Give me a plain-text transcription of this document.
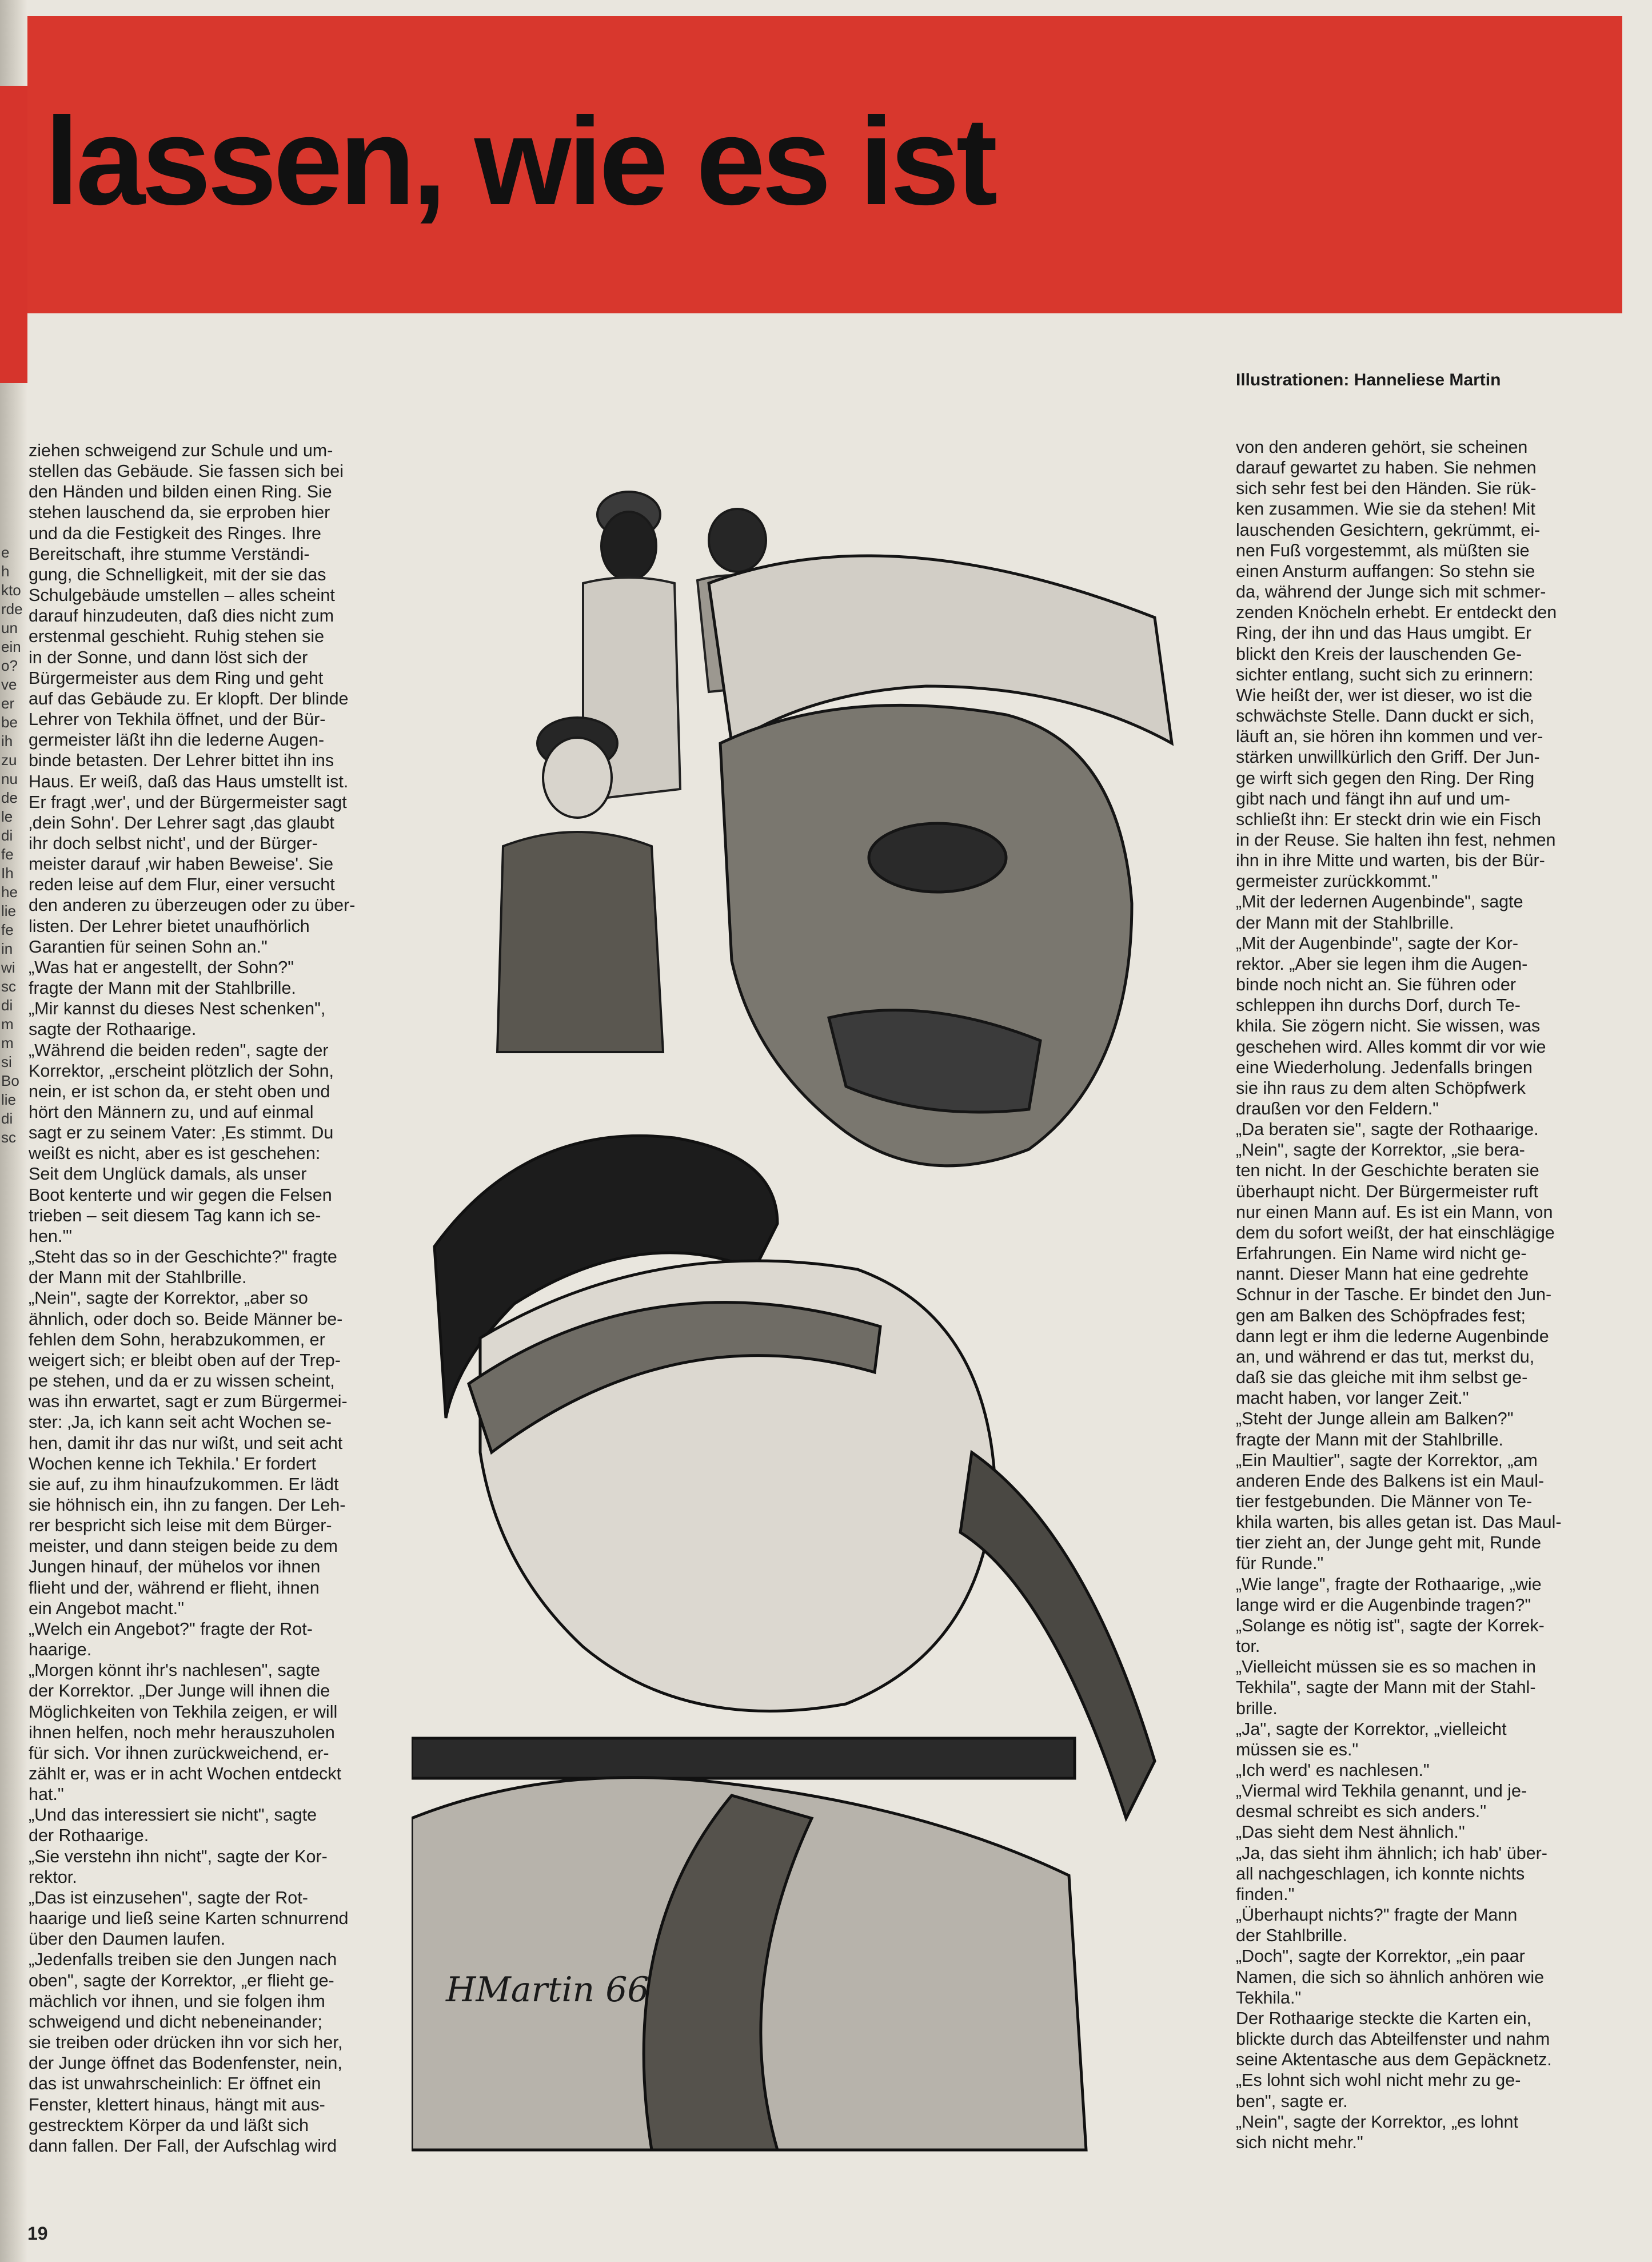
e
h
kto
rde
un
ein
o?
ve
er
be
ih
zu
nu
de
le
di
fe
Ih
he
lie
fe
in
wi
sc
di
m
m
si
Bo
lie
di
sc
lassen, wie es ist
Illustrationen: Hanneliese Martin
ziehen schweigend zur Schule und um-
stellen das Gebäude. Sie fassen sich bei
den Händen und bilden einen Ring. Sie
stehen lauschend da, sie erproben hier
und da die Festigkeit des Ringes. Ihre
Bereitschaft, ihre stumme Verständi-
gung, die Schnelligkeit, mit der sie das
Schulgebäude umstellen – alles scheint
darauf hinzudeuten, daß dies nicht zum
erstenmal geschieht. Ruhig stehen sie
in der Sonne, und dann löst sich der
Bürgermeister aus dem Ring und geht
auf das Gebäude zu. Er klopft. Der blinde
Lehrer von Tekhila öffnet, und der Bür-
germeister läßt ihn die lederne Augen-
binde betasten. Der Lehrer bittet ihn ins
Haus. Er weiß, daß das Haus umstellt ist.
Er fragt ‚wer', und der Bürgermeister sagt
‚dein Sohn'. Der Lehrer sagt ‚das glaubt
ihr doch selbst nicht', und der Bürger-
meister darauf ‚wir haben Beweise'. Sie
reden leise auf dem Flur, einer versucht
den anderen zu überzeugen oder zu über-
listen. Der Lehrer bietet unaufhörlich
Garantien für seinen Sohn an."
„Was hat er angestellt, der Sohn?"
fragte der Mann mit der Stahlbrille.
„Mir kannst du dieses Nest schenken",
sagte der Rothaarige.
„Während die beiden reden", sagte der
Korrektor, „erscheint plötzlich der Sohn,
nein, er ist schon da, er steht oben und
hört den Männern zu, und auf einmal
sagt er zu seinem Vater: ‚Es stimmt. Du
weißt es nicht, aber es ist geschehen:
Seit dem Unglück damals, als unser
Boot kenterte und wir gegen die Felsen
trieben – seit diesem Tag kann ich se-
hen.'"
„Steht das so in der Geschichte?" fragte
der Mann mit der Stahlbrille.
„Nein", sagte der Korrektor, „aber so
ähnlich, oder doch so. Beide Männer be-
fehlen dem Sohn, herabzukommen, er
weigert sich; er bleibt oben auf der Trep-
pe stehen, und da er zu wissen scheint,
was ihn erwartet, sagt er zum Bürgermei-
ster: ‚Ja, ich kann seit acht Wochen se-
hen, damit ihr das nur wißt, und seit acht
Wochen kenne ich Tekhila.' Er fordert
sie auf, zu ihm hinaufzukommen. Er lädt
sie höhnisch ein, ihn zu fangen. Der Leh-
rer bespricht sich leise mit dem Bürger-
meister, und dann steigen beide zu dem
Jungen hinauf, der mühelos vor ihnen
flieht und der, während er flieht, ihnen
ein Angebot macht."
„Welch ein Angebot?" fragte der Rot-
haarige.
„Morgen könnt ihr's nachlesen", sagte
der Korrektor. „Der Junge will ihnen die
Möglichkeiten von Tekhila zeigen, er will
ihnen helfen, noch mehr herauszuholen
für sich. Vor ihnen zurückweichend, er-
zählt er, was er in acht Wochen entdeckt
hat."
„Und das interessiert sie nicht", sagte
der Rothaarige.
„Sie verstehn ihn nicht", sagte der Kor-
rektor.
„Das ist einzusehen", sagte der Rot-
haarige und ließ seine Karten schnurrend
über den Daumen laufen.
„Jedenfalls treiben sie den Jungen nach
oben", sagte der Korrektor, „er flieht ge-
mächlich vor ihnen, und sie folgen ihm
schweigend und dicht nebeneinander;
sie treiben oder drücken ihn vor sich her,
der Junge öffnet das Bodenfenster, nein,
das ist unwahrscheinlich: Er öffnet ein
Fenster, klettert hinaus, hängt mit aus-
gestrecktem Körper da und läßt sich
dann fallen. Der Fall, der Aufschlag wird
HMartin 66
von den anderen gehört, sie scheinen
darauf gewartet zu haben. Sie nehmen
sich sehr fest bei den Händen. Sie rük-
ken zusammen. Wie sie da stehen! Mit
lauschenden Gesichtern, gekrümmt, ei-
nen Fuß vorgestemmt, als müßten sie
einen Ansturm auffangen: So stehn sie
da, während der Junge sich mit schmer-
zenden Knöcheln erhebt. Er entdeckt den
Ring, der ihn und das Haus umgibt. Er
blickt den Kreis der lauschenden Ge-
sichter entlang, sucht sich zu erinnern:
Wie heißt der, wer ist dieser, wo ist die
schwächste Stelle. Dann duckt er sich,
läuft an, sie hören ihn kommen und ver-
stärken unwillkürlich den Griff. Der Jun-
ge wirft sich gegen den Ring. Der Ring
gibt nach und fängt ihn auf und um-
schließt ihn: Er steckt drin wie ein Fisch
in der Reuse. Sie halten ihn fest, nehmen
ihn in ihre Mitte und warten, bis der Bür-
germeister zurückkommt."
„Mit der ledernen Augenbinde", sagte
der Mann mit der Stahlbrille.
„Mit der Augenbinde", sagte der Kor-
rektor. „Aber sie legen ihm die Augen-
binde noch nicht an. Sie führen oder
schleppen ihn durchs Dorf, durch Te-
khila. Sie zögern nicht. Sie wissen, was
geschehen wird. Alles kommt dir vor wie
eine Wiederholung. Jedenfalls bringen
sie ihn raus zu dem alten Schöpfwerk
draußen vor den Feldern."
„Da beraten sie", sagte der Rothaarige.
„Nein", sagte der Korrektor, „sie bera-
ten nicht. In der Geschichte beraten sie
überhaupt nicht. Der Bürgermeister ruft
nur einen Mann auf. Es ist ein Mann, von
dem du sofort weißt, der hat einschlägige
Erfahrungen. Ein Name wird nicht ge-
nannt. Dieser Mann hat eine gedrehte
Schnur in der Tasche. Er bindet den Jun-
gen am Balken des Schöpfrades fest;
dann legt er ihm die lederne Augenbinde
an, und während er das tut, merkst du,
daß sie das gleiche mit ihm selbst ge-
macht haben, vor langer Zeit."
„Steht der Junge allein am Balken?"
fragte der Mann mit der Stahlbrille.
„Ein Maultier", sagte der Korrektor, „am
anderen Ende des Balkens ist ein Maul-
tier festgebunden. Die Männer von Te-
khila warten, bis alles getan ist. Das Maul-
tier zieht an, der Junge geht mit, Runde
für Runde."
„Wie lange", fragte der Rothaarige, „wie
lange wird er die Augenbinde tragen?"
„Solange es nötig ist", sagte der Korrek-
tor.
„Vielleicht müssen sie es so machen in
Tekhila", sagte der Mann mit der Stahl-
brille.
„Ja", sagte der Korrektor, „vielleicht
müssen sie es."
„Ich werd' es nachlesen."
„Viermal wird Tekhila genannt, und je-
desmal schreibt es sich anders."
„Das sieht dem Nest ähnlich."
„Ja, das sieht ihm ähnlich; ich hab' über-
all nachgeschlagen, ich konnte nichts
finden."
„Überhaupt nichts?" fragte der Mann
der Stahlbrille.
„Doch", sagte der Korrektor, „ein paar
Namen, die sich so ähnlich anhören wie
Tekhila."
Der Rothaarige steckte die Karten ein,
blickte durch das Abteilfenster und nahm
seine Aktentasche aus dem Gepäcknetz.
„Es lohnt sich wohl nicht mehr zu ge-
ben", sagte er.
„Nein", sagte der Korrektor, „es lohnt
sich nicht mehr."
19
